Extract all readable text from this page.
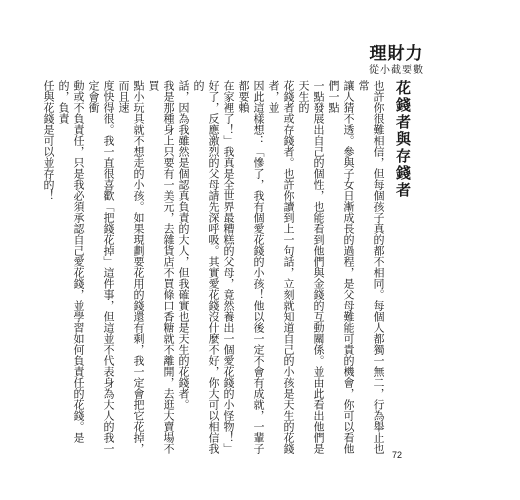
理財力
從小截要數
花錢者與存錢者
也許你很難相信，但每個孩子真的都不相同。每個人都獨一無二，行為舉止也常
讓人猜不透。參與子女日漸成長的過程，是父母難能可貴的機會，你可以看他們一點
一點發展出自己的個性，也能看到他們與金錢的互動關係。並由此看出他們是天生的
花錢者或存錢者。也許你讀到上一句話，立刻就知道自己的小孩是天生的花錢者，並
因此這樣想：「慘了，我有個愛花錢的小孩！他以後一定不會有成就，一輩子都要賴
在家裡了！」我真是全世界最糟糕的父母，竟然養出一個愛花錢的小怪物！」
好了，反應激烈的父母請先深呼吸。其實愛花錢沒什麼不好，你大可以相信我的
話，因為我雖然是個認真負責的大人，但我確實也是天生的花錢者。
我是那種身上只要有一美元，去雜貨店不買條口香糖就不離開，去逛大賣場不買
點小玩具就不想走的小孩。如果現劃要花用的錢還有剩，我一定會把它花掉，而且速
度快得很。我一直很喜歡「把錢花掉」這件事，但這並不代表身為大人的我一定會衝
動或不負責任，只是我必須承認自己愛花錢，並學習如何負責任的花錢。是的，負責
任與花錢是可以並存的！
72
